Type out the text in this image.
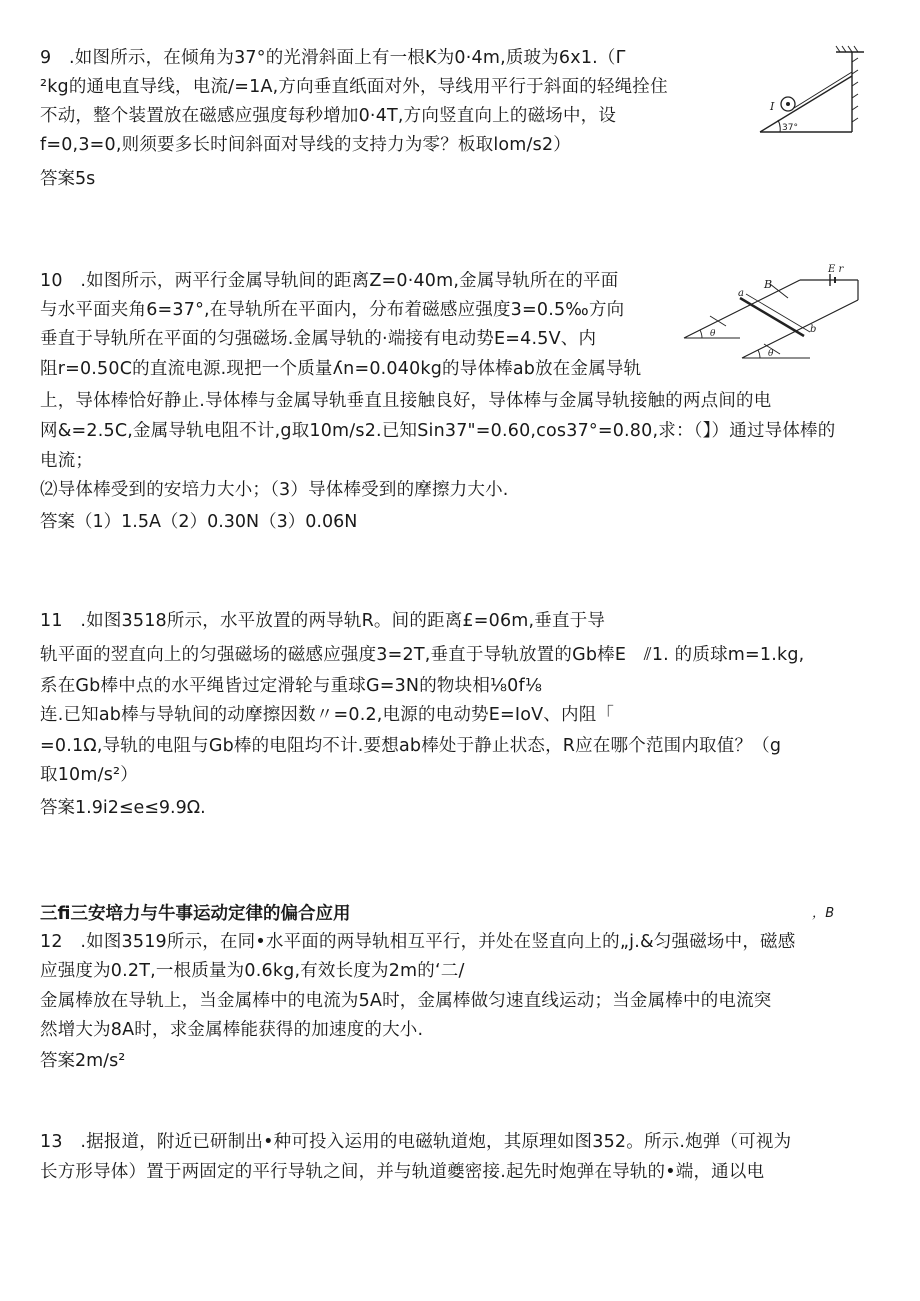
9　.如图所示，在倾角为37°的光滑斜面上有一根K为0·4m,质玻为6x1.（Γ
²kg的通电直导线，电流/=1A,方向垂直纸面对外，导线用平行于斜面的轻绳拴住
不动，整个装置放在磁感应强度每秒增加0·4T,方向竖直向上的磁场中，设
f=0,3=0,则须要多长时间斜面对导线的支持力为零？板取lom∕s2）
答案5s
I
37°
10　.如图所示，两平行金属导轨间的距离Z=0·40m,金属导轨所在的平面
与水平面夹角6=37°,在导轨所在平面内，分布着磁感应强度3=0.5‰方向
垂直于导轨所在平面的匀强磁场.金属导轨的·端接有电动势E=4.5V、内
阻r=0.50C的直流电源.现把一个质量ʎn=0.040kg的导体棒ab放在金属导轨
上，导体棒恰好静止.导体棒与金属导轨垂直且接触良好，导体棒与金属导轨接触的两点间的电
网&=2.5C,金属导轨电阻不计,g取10m∕s2.已知Sin37"=0.60,cos37°=0.80,求：（】）通过导体棒的
电流；
⑵导体棒受到的安培力大小；（3）导体棒受到的摩擦力大小.
答案（1）1.5A（2）0.30N（3）0.06N
B
E r
a
b
θ
θ
11　.如图3518所示，水平放置的两导轨R。间的距离£=06m,垂直于导
轨平面的翌直向上的匀强磁场的磁感应强度3=2T,垂直于导轨放置的Gb棒E　⫽1. 的质球m=1.kg,
系在Gb棒中点的水平绳皆过定滑轮与重球G=3N的物块相⅛0f⅛
连.已知ab棒与导轨间的动摩擦因数〃=0.2,电源的电动势E=IoV、内阻「
=0.1Ω,导轨的电阻与Gb棒的电阻均不计.要想ab棒处于静止状态，R应在哪个范围内取值？（g
取10m∕s²）
答案1.9i2≤e≤9.9Ω.
三fi三安培力与牛事运动定律的偏合应用	，B
12　.如图3519所示，在同•水平面的两导轨相互平行，并处在竖直向上的„j.&匀强磁场中，磁感
应强度为0.2T,一根质量为0.6kg,有效长度为2m的‘二/
金属棒放在导轨上，当金属棒中的电流为5A时，金属棒做匀速直线运动；当金属棒中的电流突
然增大为8A时，求金属棒能获得的加速度的大小.
答案2m∕s²
13　.据报道，附近已研制出•种可投入运用的电磁轨道炮，其原理如图352。所示.炮弹（可视为
长方形导体）置于两固定的平行导轨之间，并与轨道夔密接.起先时炮弹在导轨的•端，通以电
